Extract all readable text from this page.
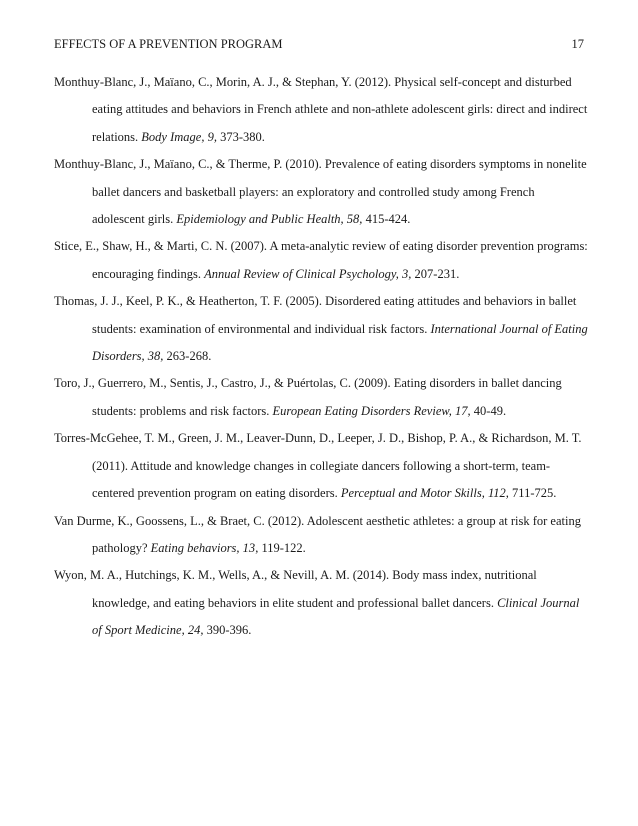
EFFECTS OF A PREVENTION PROGRAM	17

Monthuy-Blanc, J., Maïano, C., Morin, A. J., & Stephan, Y. (2012). Physical self-concept and disturbed eating attitudes and behaviors in French athlete and non-athlete adolescent girls: direct and indirect relations. Body Image, 9, 373-380.

Monthuy-Blanc, J., Maïano, C., & Therme, P. (2010). Prevalence of eating disorders symptoms in nonelite ballet dancers and basketball players: an exploratory and controlled study among French adolescent girls. Epidemiology and Public Health, 58, 415-424.

Stice, E., Shaw, H., & Marti, C. N. (2007). A meta-analytic review of eating disorder prevention programs: encouraging findings. Annual Review of Clinical Psychology, 3, 207-231.

Thomas, J. J., Keel, P. K., & Heatherton, T. F. (2005). Disordered eating attitudes and behaviors in ballet students: examination of environmental and individual risk factors. International Journal of Eating Disorders, 38, 263-268.

Toro, J., Guerrero, M., Sentis, J., Castro, J., & Puértolas, C. (2009). Eating disorders in ballet dancing students: problems and risk factors. European Eating Disorders Review, 17, 40-49.

Torres-McGehee, T. M., Green, J. M., Leaver-Dunn, D., Leeper, J. D., Bishop, P. A., & Richardson, M. T. (2011). Attitude and knowledge changes in collegiate dancers following a short-term, team-centered prevention program on eating disorders. Perceptual and Motor Skills, 112, 711-725.

Van Durme, K., Goossens, L., & Braet, C. (2012). Adolescent aesthetic athletes: a group at risk for eating pathology? Eating behaviors, 13, 119-122.

Wyon, M. A., Hutchings, K. M., Wells, A., & Nevill, A. M. (2014). Body mass index, nutritional knowledge, and eating behaviors in elite student and professional ballet dancers. Clinical Journal of Sport Medicine, 24, 390-396.
